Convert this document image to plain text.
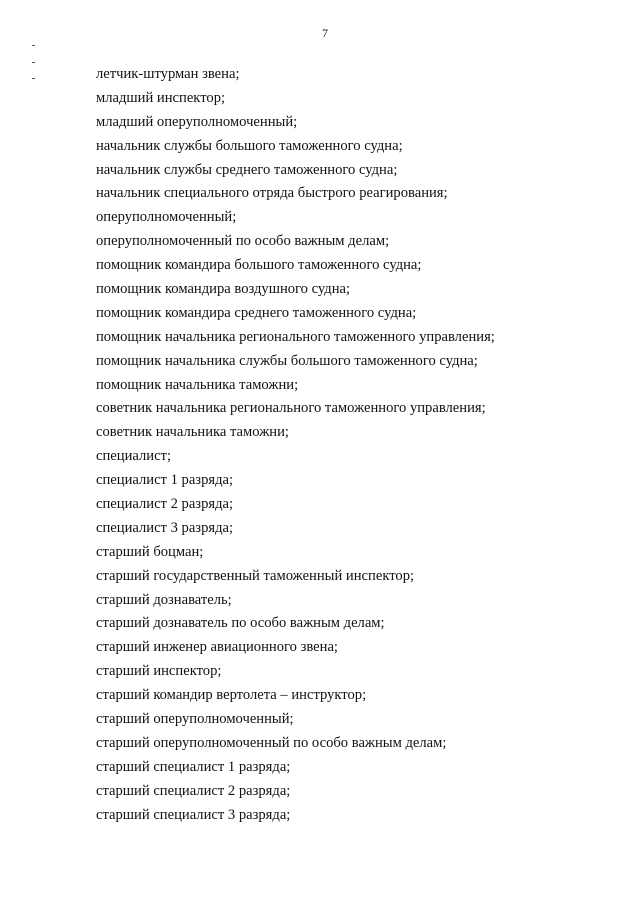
7
летчик-штурман звена;
младший инспектор;
младший оперуполномоченный;
начальник службы большого таможенного судна;
начальник службы среднего таможенного судна;
начальник специального отряда быстрого реагирования;
оперуполномоченный;
оперуполномоченный по особо важным делам;
помощник командира большого таможенного судна;
помощник командира воздушного судна;
помощник командира среднего таможенного судна;
помощник начальника регионального таможенного управления;
помощник начальника службы большого таможенного судна;
помощник начальника таможни;
советник начальника регионального таможенного управления;
советник начальника таможни;
специалист;
специалист 1 разряда;
специалист 2 разряда;
специалист 3 разряда;
старший боцман;
старший государственный таможенный инспектор;
старший дознаватель;
старший дознаватель по особо важным делам;
старший инженер авиационного звена;
старший инспектор;
старший командир вертолета – инструктор;
старший оперуполномоченный;
старший оперуполномоченный по особо важным делам;
старший специалист 1 разряда;
старший специалист 2 разряда;
старший специалист 3 разряда;
